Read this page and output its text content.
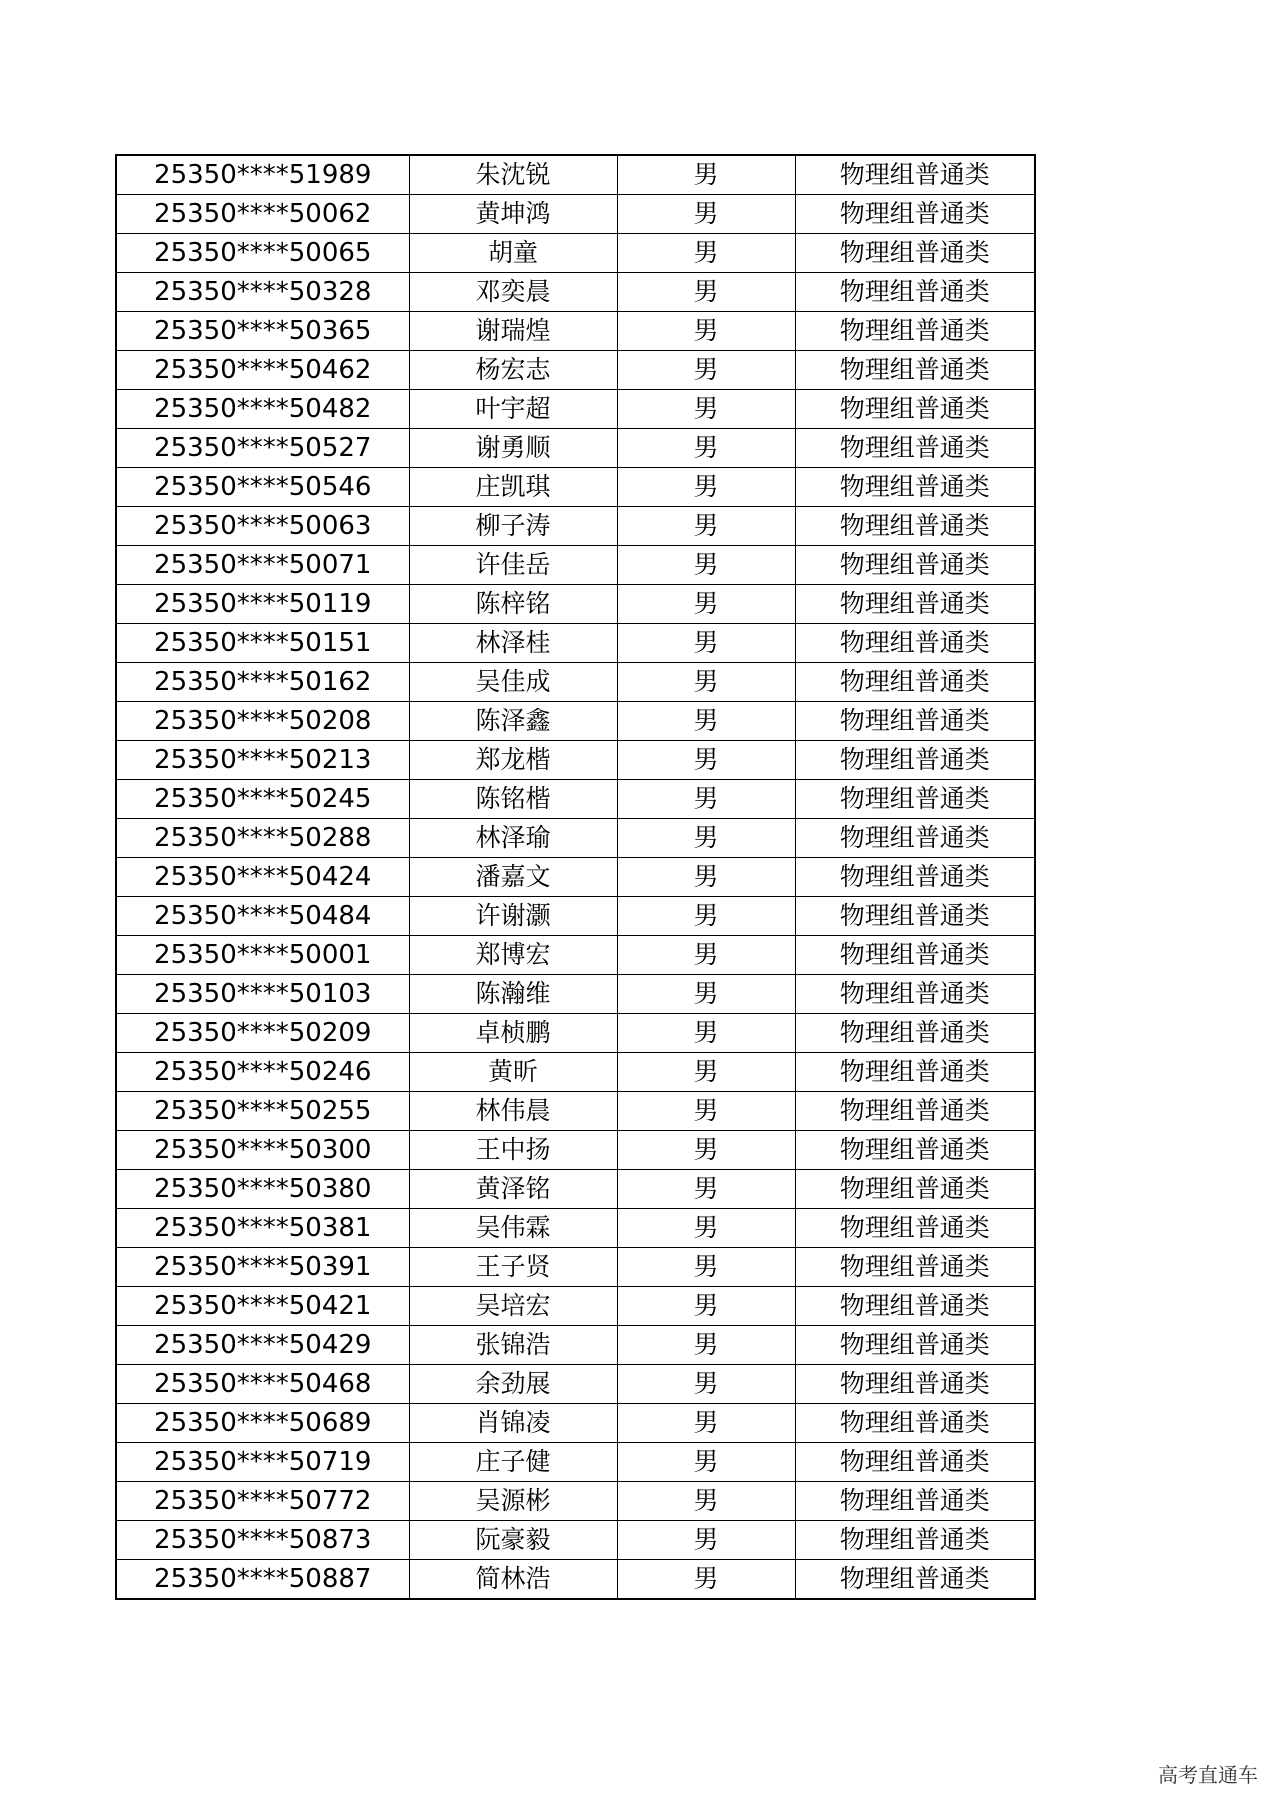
25350****51989	朱沈锐	男	物理组普通类
25350****50062	黄坤鸿	男	物理组普通类
25350****50065	胡童	男	物理组普通类
25350****50328	邓奕晨	男	物理组普通类
25350****50365	谢瑞煌	男	物理组普通类
25350****50462	杨宏志	男	物理组普通类
25350****50482	叶宇超	男	物理组普通类
25350****50527	谢勇顺	男	物理组普通类
25350****50546	庄凯琪	男	物理组普通类
25350****50063	柳子涛	男	物理组普通类
25350****50071	许佳岳	男	物理组普通类
25350****50119	陈梓铭	男	物理组普通类
25350****50151	林泽桂	男	物理组普通类
25350****50162	吴佳成	男	物理组普通类
25350****50208	陈泽鑫	男	物理组普通类
25350****50213	郑龙楷	男	物理组普通类
25350****50245	陈铭楷	男	物理组普通类
25350****50288	林泽瑜	男	物理组普通类
25350****50424	潘嘉文	男	物理组普通类
25350****50484	许谢灏	男	物理组普通类
25350****50001	郑博宏	男	物理组普通类
25350****50103	陈瀚维	男	物理组普通类
25350****50209	卓桢鹏	男	物理组普通类
25350****50246	黄昕	男	物理组普通类
25350****50255	林伟晨	男	物理组普通类
25350****50300	王中扬	男	物理组普通类
25350****50380	黄泽铭	男	物理组普通类
25350****50381	吴伟霖	男	物理组普通类
25350****50391	王子贤	男	物理组普通类
25350****50421	吴培宏	男	物理组普通类
25350****50429	张锦浩	男	物理组普通类
25350****50468	余劲展	男	物理组普通类
25350****50689	肖锦凌	男	物理组普通类
25350****50719	庄子健	男	物理组普通类
25350****50772	吴源彬	男	物理组普通类
25350****50873	阮豪毅	男	物理组普通类
25350****50887	简林浩	男	物理组普通类
高考直通车
